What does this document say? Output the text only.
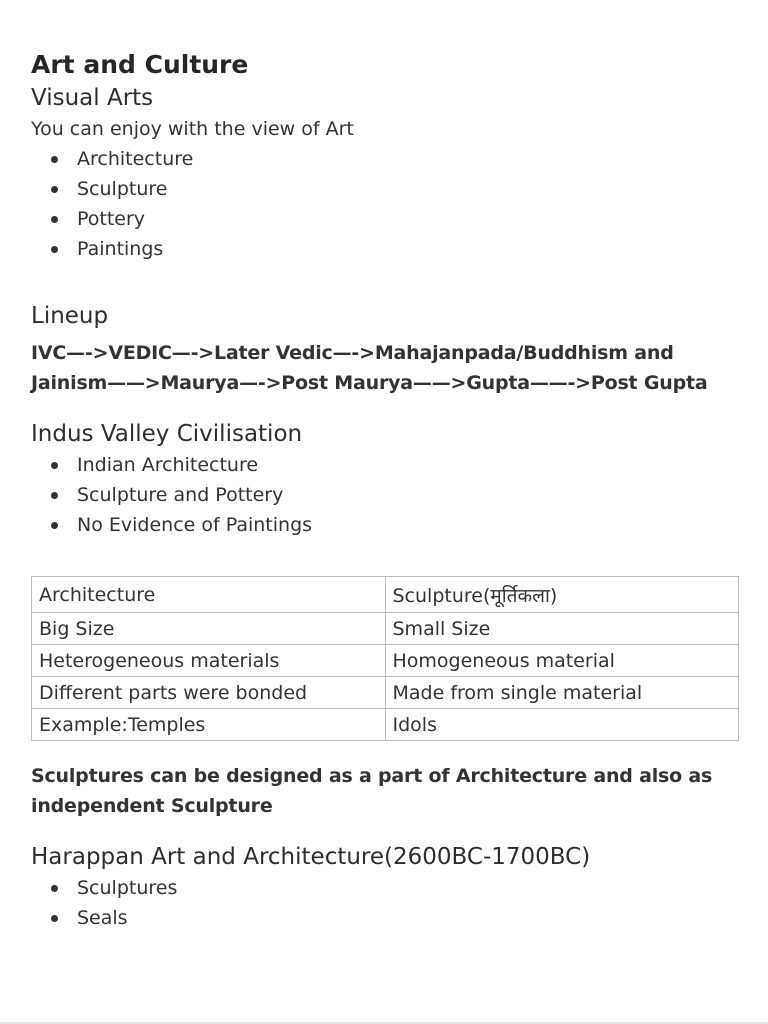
Art and Culture
Visual Arts

You can enjoy with the view of Art

Architecture
Sculpture
Pottery
Paintings
Lineup

IVC—->VEDIC—->Later Vedic—->Mahajanpada/Buddhism and

Jainism——>Maurya—->Post Maurya——>Gupta——->Post Gupta

Indus Valley Civilisation
Indian Architecture
Sculpture and Pottery
No Evidence of Paintings
Architecture	Sculpture(मूर्तिकला)
Big Size	Small Size
Heterogeneous materials	Homogeneous material
Different parts were bonded	Made from single material
Example:Temples	Idols

Sculptures can be designed as a part of Architecture and also as

independent Sculpture

Harappan Art and Architecture(2600BC-1700BC)
Sculptures
Seals
